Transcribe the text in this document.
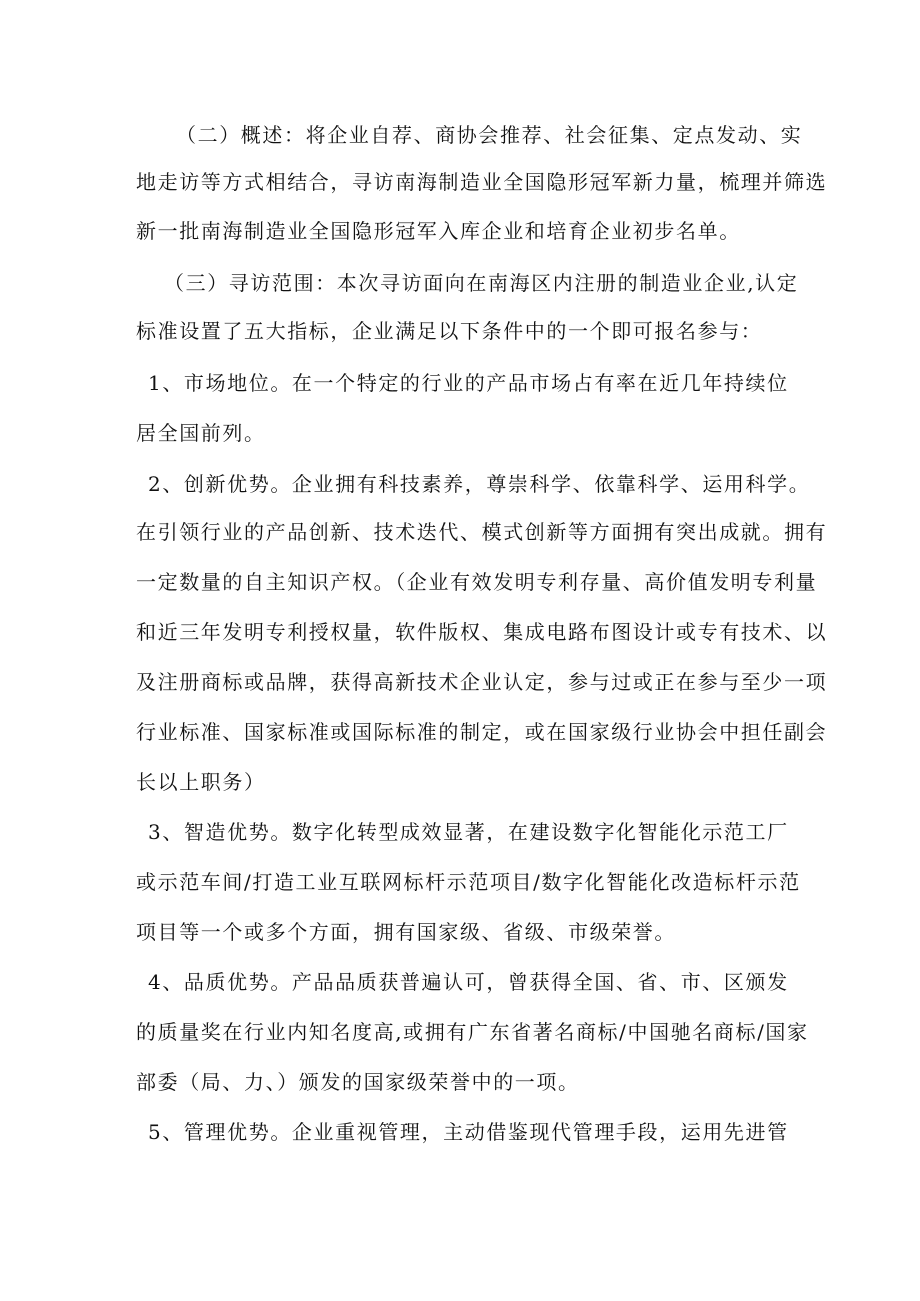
（二）概述：将企业自荐、商协会推荐、社会征集、定点发动、实

地走访等方式相结合，寻访南海制造业全国隐形冠军新力量，梳理并筛选

新一批南海制造业全国隐形冠军入库企业和培育企业初步名单。

（三）寻访范围：本次寻访面向在南海区内注册的制造业企业,认定

标准设置了五大指标，企业满足以下条件中的一个即可报名参与：

1、市场地位。在一个特定的行业的产品市场占有率在近几年持续位

居全国前列。

2、创新优势。企业拥有科技素养，尊崇科学、依靠科学、运用科学。

在引领行业的产品创新、技术迭代、模式创新等方面拥有突出成就。拥有

一定数量的自主知识产权。（企业有效发明专利存量、高价值发明专利量

和近三年发明专利授权量，软件版权、集成电路布图设计或专有技术、以

及注册商标或品牌，获得高新技术企业认定，参与过或正在参与至少一项

行业标准、国家标准或国际标准的制定，或在国家级行业协会中担任副会

长以上职务）

3、智造优势。数字化转型成效显著，在建设数字化智能化示范工厂

或示范车间/打造工业互联网标杆示范项目/数字化智能化改造标杆示范

项目等一个或多个方面，拥有国家级、省级、市级荣誉。

4、品质优势。产品品质获普遍认可，曾获得全国、省、市、区颁发

的质量奖在行业内知名度高,或拥有广东省著名商标/中国驰名商标/国家

部委（局、力、）颁发的国家级荣誉中的一项。

5、管理优势。企业重视管理，主动借鉴现代管理手段，运用先进管
